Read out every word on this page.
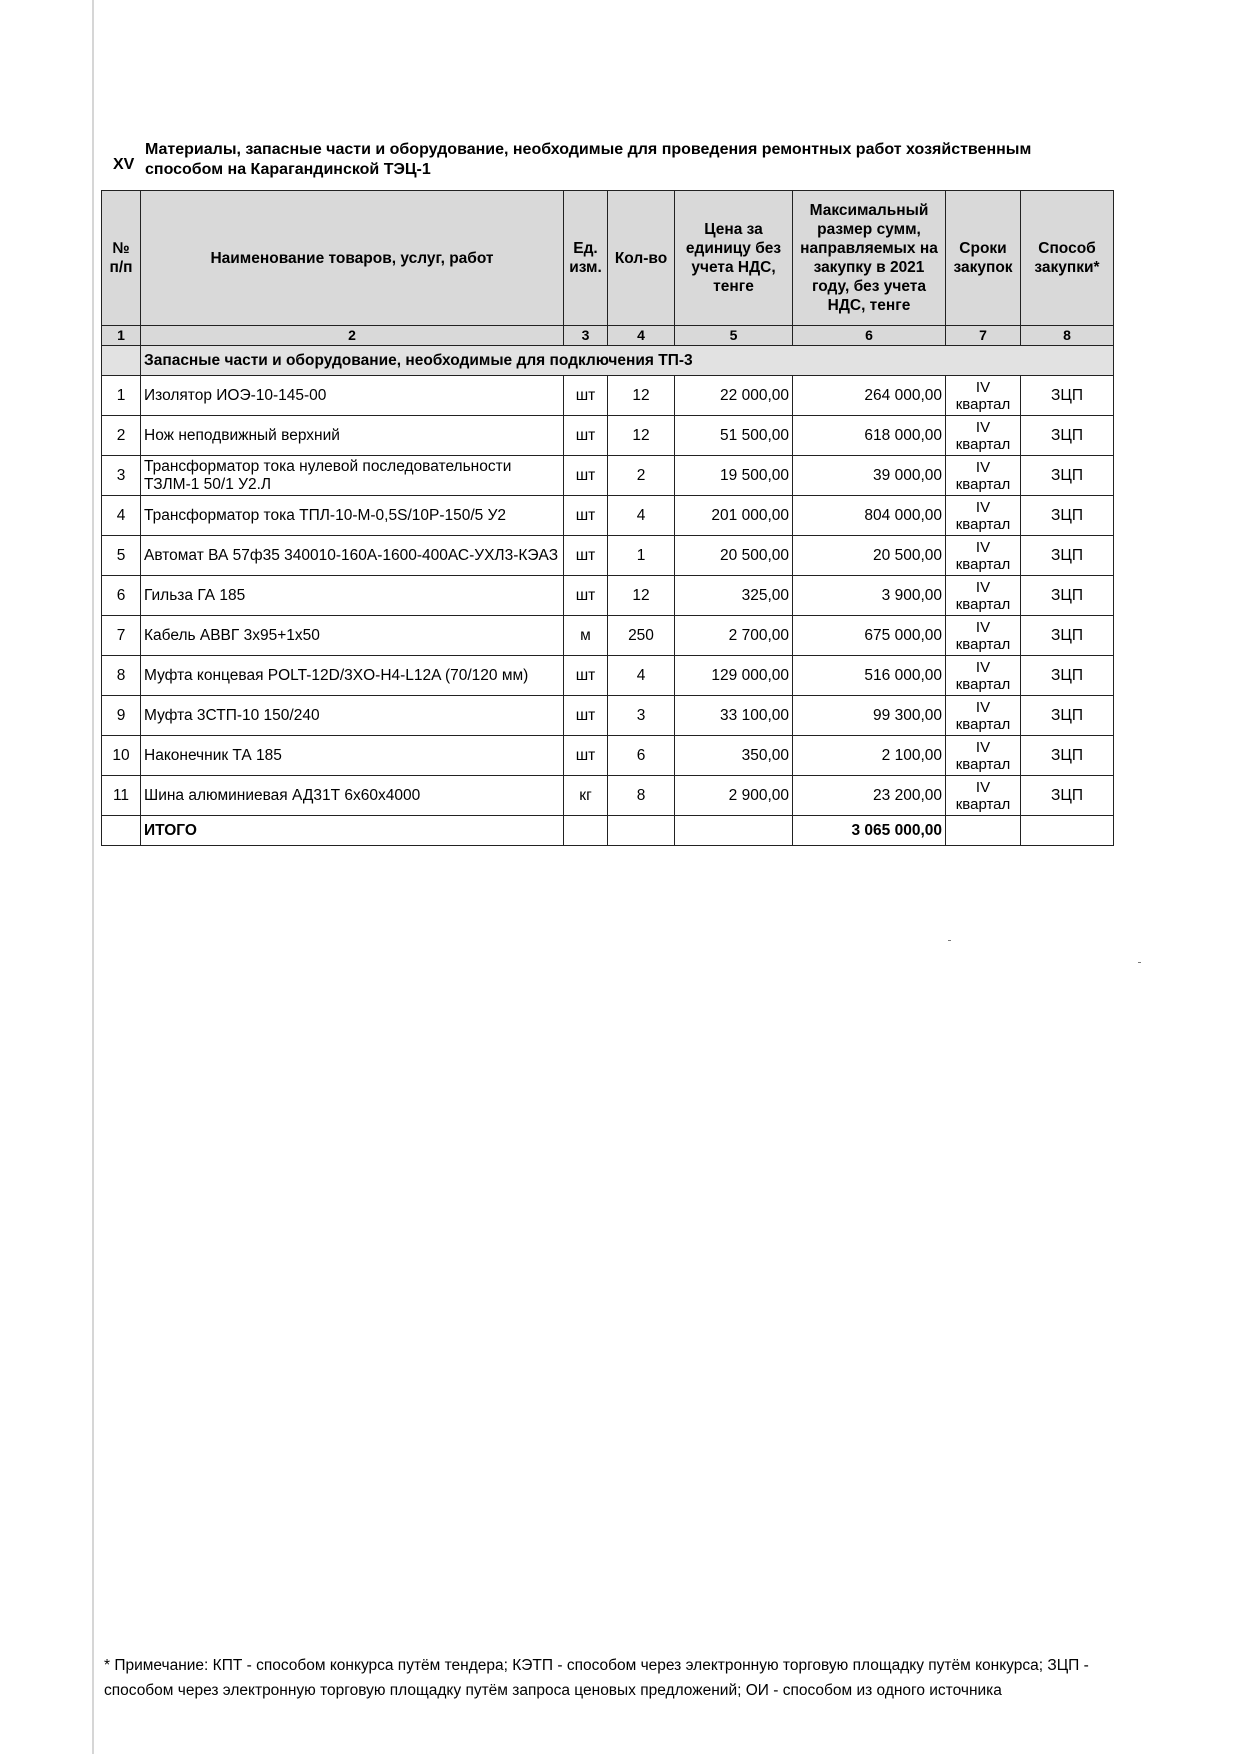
XV
Материалы, запасные части и оборудование, необходимые для проведения ремонтных работ хозяйственным способом на Карагандинской ТЭЦ-1
№ п/п	Наименование товаров, услуг, работ	Ед. изм.	Кол-во	Цена за единицу без учета НДС, тенге	Максимальный размер сумм, направляемых на закупку в 2021 году, без учета НДС, тенге	Сроки закупок	Способ закупки*
1	2	3	4	5	6	7	8
	Запасные части и оборудование, необходимые для подключения ТП-3						
1	Изолятор ИОЭ-10-145-00	шт	12	22 000,00	264 000,00	IV квартал	ЗЦП
2	Нож неподвижный верхний	шт	12	51 500,00	618 000,00	IV квартал	ЗЦП
3	Трансформатор тока нулевой последовательности ТЗЛМ-1 50/1 У2.Л	шт	2	19 500,00	39 000,00	IV квартал	ЗЦП
4	Трансформатор тока ТПЛ-10-М-0,5S/10Р-150/5 У2	шт	4	201 000,00	804 000,00	IV квартал	ЗЦП
5	Автомат ВА 57ф35 340010-160А-1600-400АС-УХЛ3-КЭАЗ	шт	1	20 500,00	20 500,00	IV квартал	ЗЦП
6	Гильза ГА 185	шт	12	325,00	3 900,00	IV квартал	ЗЦП
7	Кабель АВВГ 3х95+1х50	м	250	2 700,00	675 000,00	IV квартал	ЗЦП
8	Муфта концевая POLT-12D/3XO-H4-L12A (70/120 мм)	шт	4	129 000,00	516 000,00	IV квартал	ЗЦП
9	Муфта 3СТП-10 150/240	шт	3	33 100,00	99 300,00	IV квартал	ЗЦП
10	Наконечник ТА 185	шт	6	350,00	2 100,00	IV квартал	ЗЦП
11	Шина алюминиевая АД31Т 6х60х4000	кг	8	2 900,00	23 200,00	IV квартал	ЗЦП
	ИТОГО				3 065 000,00		
* Примечание: КПТ - способом конкурса путём тендера; КЭТП - способом через электронную торговую площадку путём конкурса; ЗЦП - способом через электронную торговую площадку путём запроса ценовых предложений; ОИ - способом из одного источника
